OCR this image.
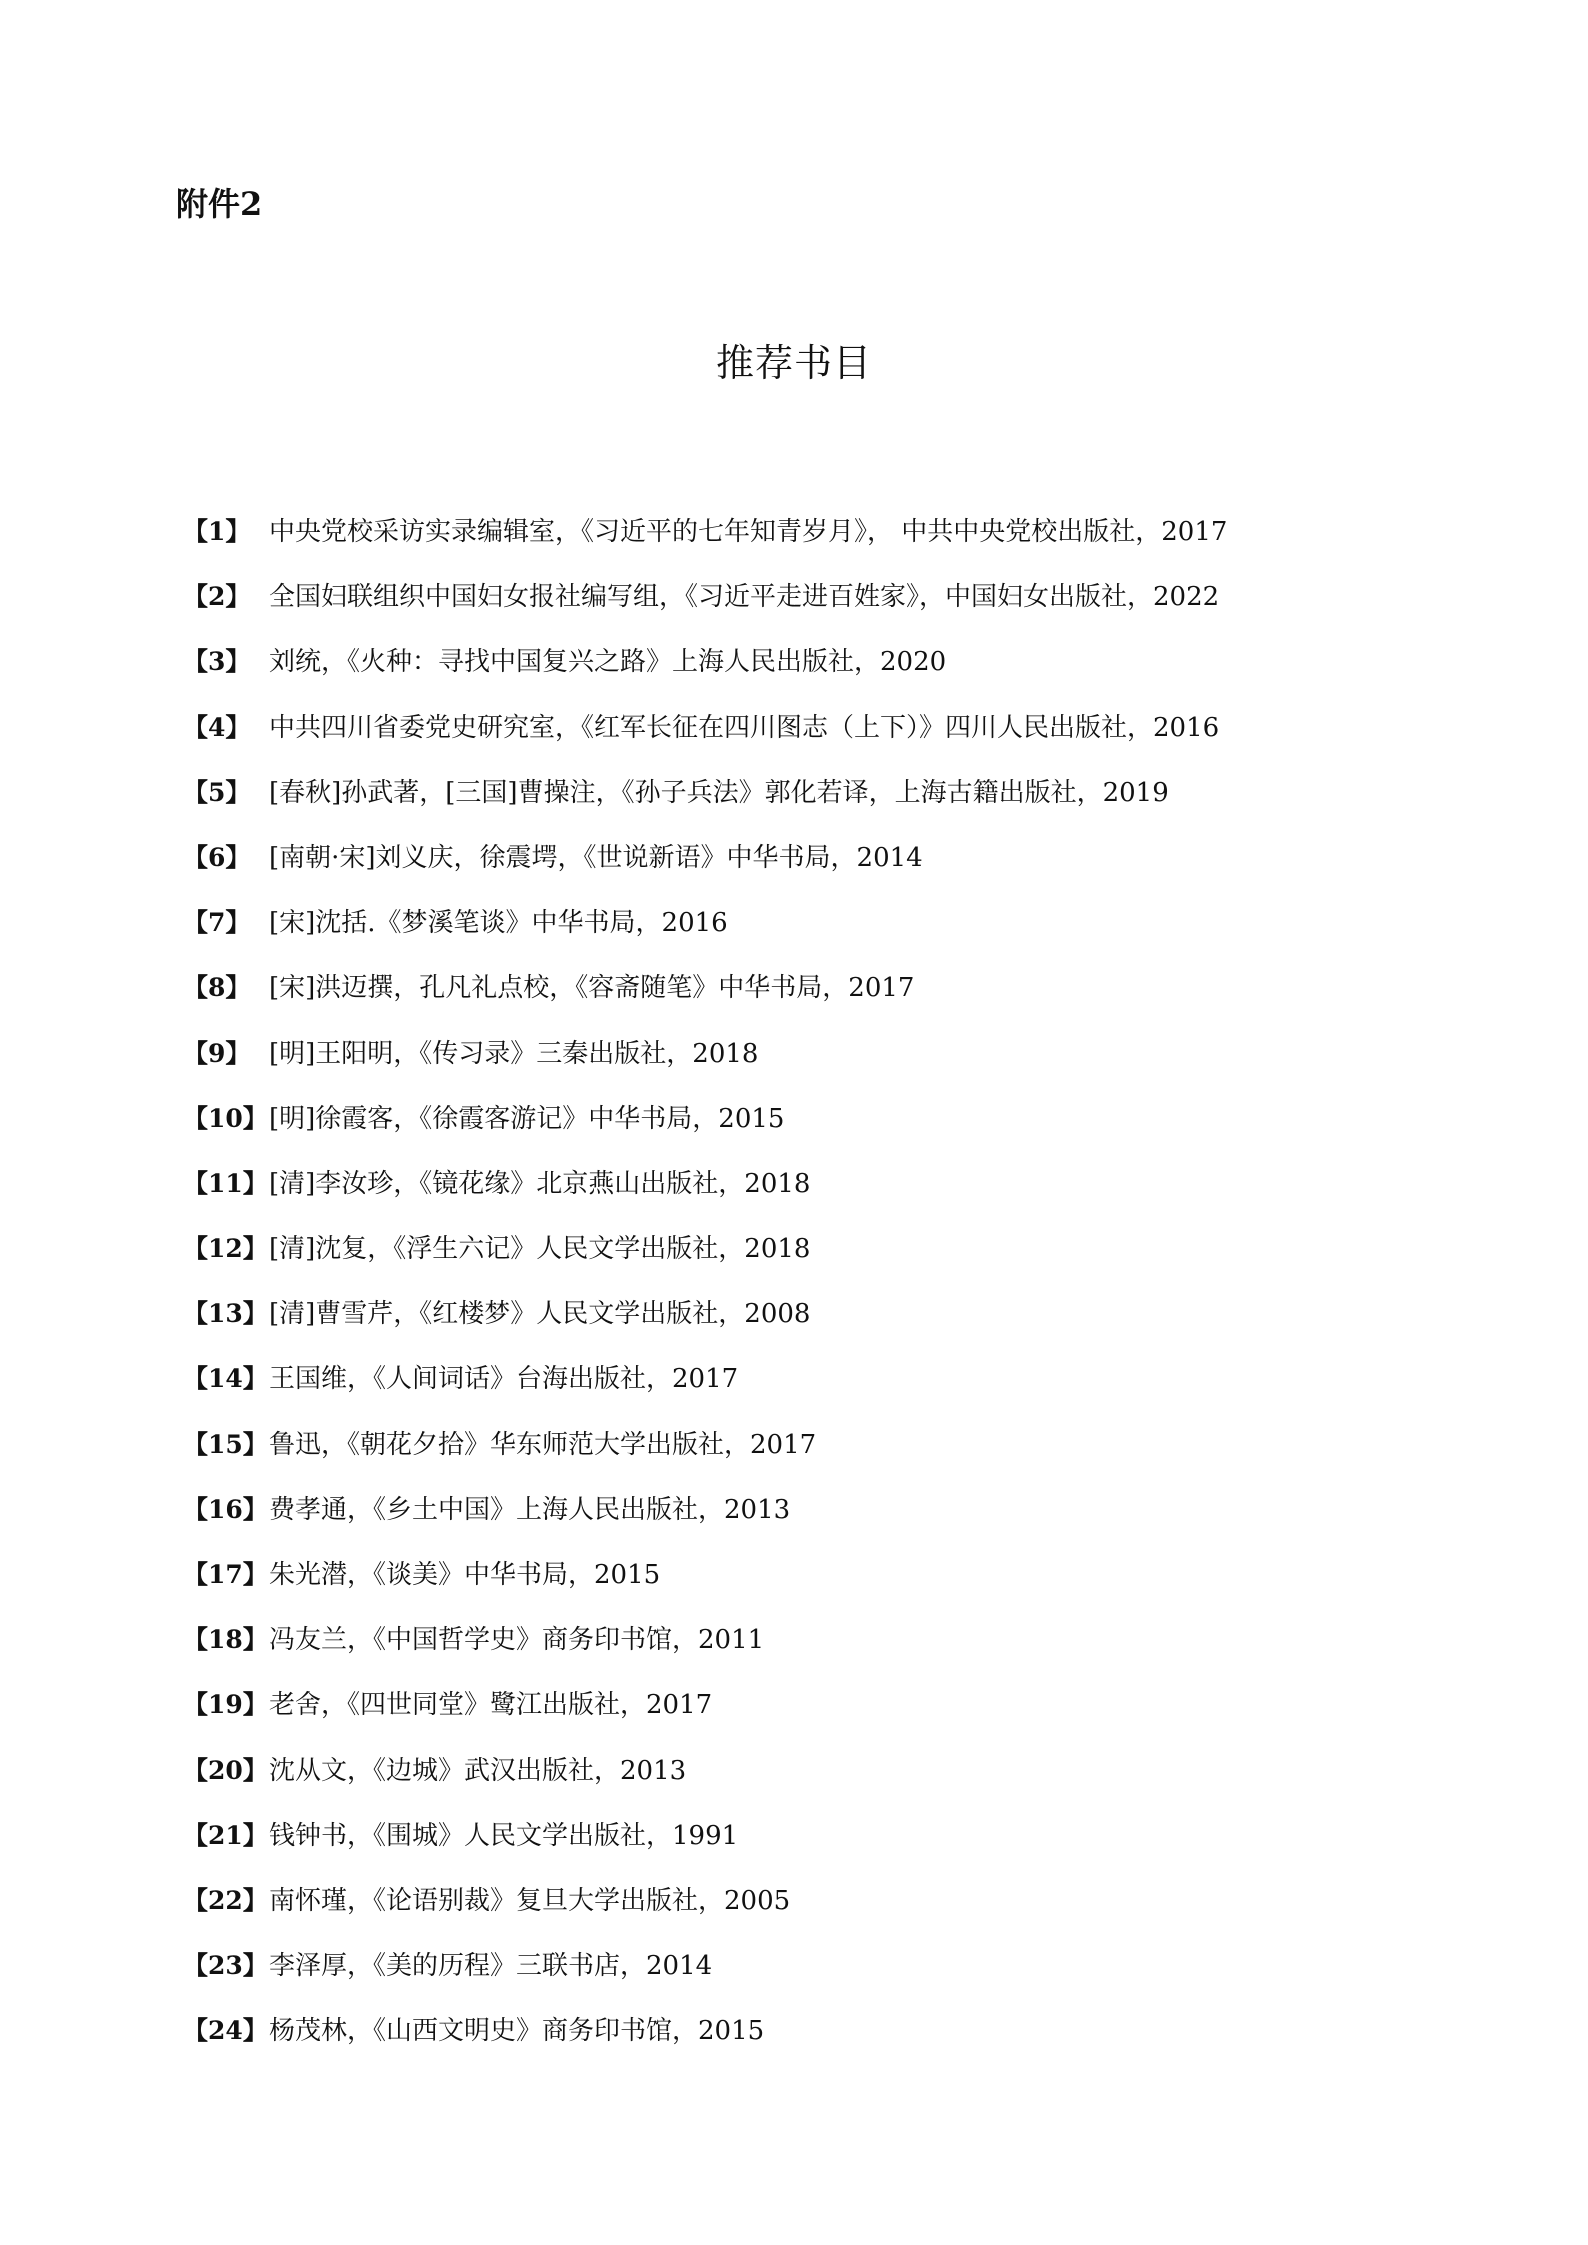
附件2
推荐书目
【1】 中央党校采访实录编辑室，《习近平的七年知青岁月》， 中共中央党校出版社，2017
【2】 全国妇联组织中国妇女报社编写组，《习近平走进百姓家》，中国妇女出版社，2022
【3】 刘统，《火种：寻找中国复兴之路》上海人民出版社，2020
【4】 中共四川省委党史研究室，《红军长征在四川图志（上下）》四川人民出版社，2016
【5】 [春秋]孙武著，[三国]曹操注，《孙子兵法》郭化若译，上海古籍出版社，2019
【6】 [南朝·宋]刘义庆，徐震堮，《世说新语》中华书局，2014
【7】 [宋]沈括.《梦溪笔谈》中华书局，2016
【8】 [宋]洪迈撰，孔凡礼点校，《容斋随笔》中华书局，2017
【9】 [明]王阳明，《传习录》三秦出版社，2018
【10】[明]徐霞客，《徐霞客游记》中华书局，2015
【11】[清]李汝珍，《镜花缘》北京燕山出版社，2018
【12】[清]沈复，《浮生六记》人民文学出版社，2018
【13】[清]曹雪芹，《红楼梦》人民文学出版社，2008
【14】王国维，《人间词话》台海出版社，2017
【15】鲁迅，《朝花夕拾》华东师范大学出版社，2017
【16】费孝通，《乡土中国》上海人民出版社，2013
【17】朱光潜，《谈美》中华书局，2015
【18】冯友兰，《中国哲学史》商务印书馆，2011
【19】老舍，《四世同堂》鹭江出版社，2017
【20】沈从文，《边城》武汉出版社，2013
【21】钱钟书，《围城》人民文学出版社，1991
【22】南怀瑾，《论语别裁》复旦大学出版社，2005
【23】李泽厚，《美的历程》三联书店，2014
【24】杨茂林，《山西文明史》商务印书馆，2015
